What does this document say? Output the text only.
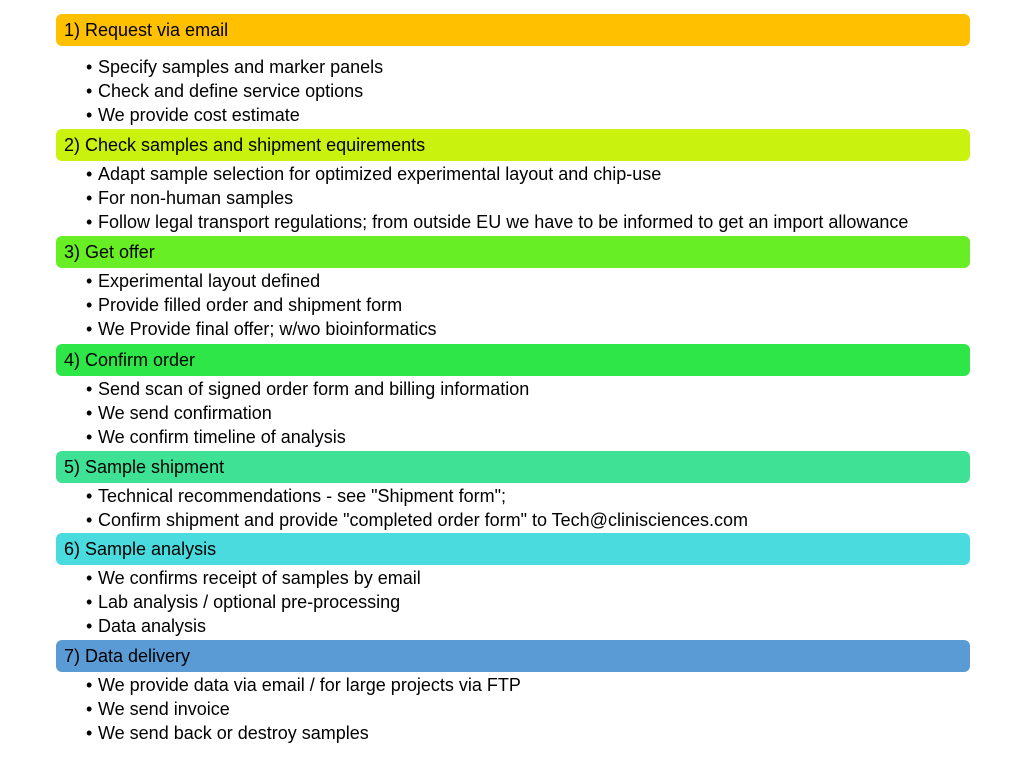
1) Request via email
• Specify samples and marker panels
• Check and define service options
• We provide cost estimate
2) Check samples and shipment equirements
• Adapt sample selection for optimized experimental layout and chip-use
• For non-human samples
• Follow legal transport regulations; from outside EU we have to be informed to get an import allowance
3) Get offer
• Experimental layout defined
• Provide filled order and shipment form
• We Provide final offer; w/wo bioinformatics
4) Confirm order
• Send scan of signed order form and billing information
• We send confirmation
• We confirm timeline of analysis
5) Sample shipment
• Technical recommendations - see "Shipment form";
• Confirm shipment and provide "completed order form" to Tech@clinisciences.com
6) Sample analysis
• We confirms receipt of samples by email
• Lab analysis / optional pre-processing
• Data analysis
7) Data delivery
• We provide data via email / for large projects via FTP
• We send invoice
• We send back or destroy samples
